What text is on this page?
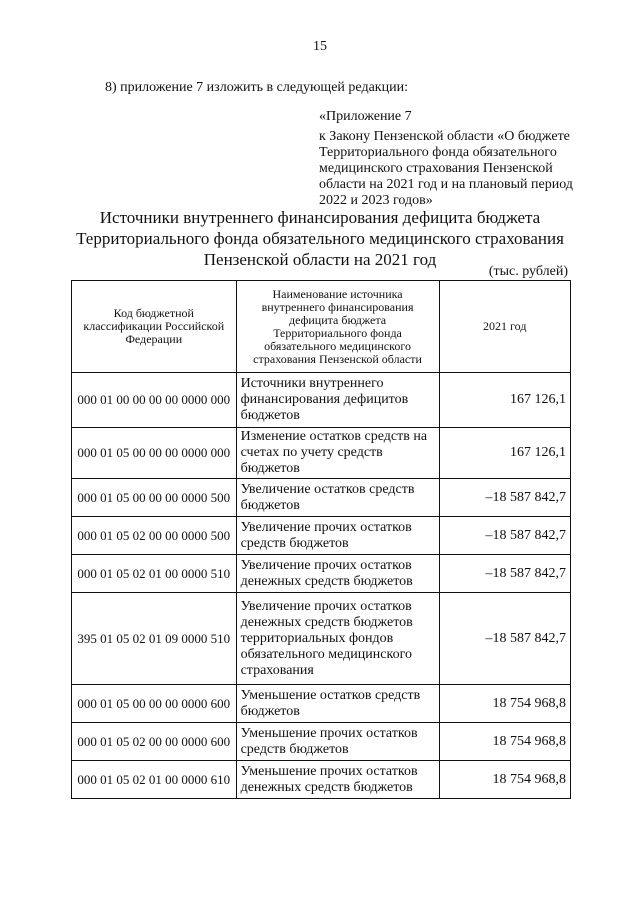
15
8) приложение 7 изложить в следующей редакции:
«Приложение 7
к Закону Пензенской области «О бюджете Территориального фонда обязательного медицинского страхования Пензенской области на 2021 год и на плановый период 2022 и 2023 годов»
Источники внутреннего финансирования дефицита бюджета Территориального фонда обязательного медицинского страхования Пензенской области на 2021 год
(тыс. рублей)
Код бюджетной классификации Российской Федерации	Наименование источника внутреннего финансирования дефицита бюджета Территориального фонда обязательного медицинского страхования Пензенской области	2021 год
000 01 00 00 00 00 0000 000	Источники внутреннего финансирования дефицитов бюджетов	167 126,1
000 01 05 00 00 00 0000 000	Изменение остатков средств на счетах по учету средств бюджетов	167 126,1
000 01 05 00 00 00 0000 500	Увеличение остатков средств бюджетов	–18 587 842,7
000 01 05 02 00 00 0000 500	Увеличение прочих остатков средств бюджетов	–18 587 842,7
000 01 05 02 01 00 0000 510	Увеличение прочих остатков денежных средств бюджетов	–18 587 842,7
395 01 05 02 01 09 0000 510	Увеличение прочих остатков денежных средств бюджетов территориальных фондов обязательного медицинского страхования	–18 587 842,7
000 01 05 00 00 00 0000 600	Уменьшение остатков средств бюджетов	18 754 968,8
000 01 05 02 00 00 0000 600	Уменьшение прочих остатков средств бюджетов	18 754 968,8
000 01 05 02 01 00 0000 610	Уменьшение прочих остатков денежных средств бюджетов	18 754 968,8
